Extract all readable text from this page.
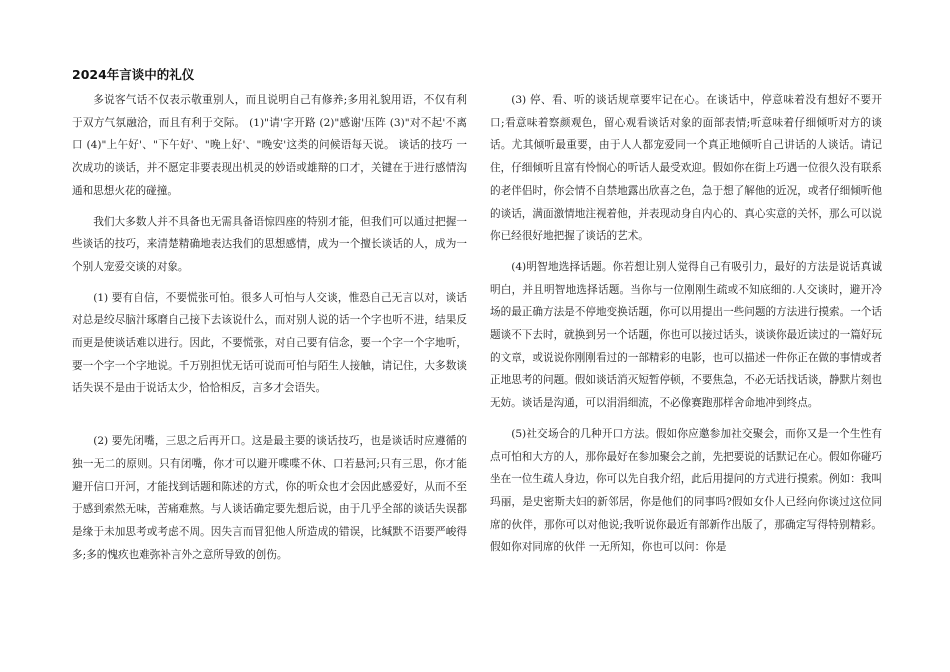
2024年言谈中的礼仪

多说客气话不仅表示敬重别人，而且说明自己有修养;多用礼貌用语，不仅有利于双方气氛融洽，而且有利于交际。 (1)"请'字开路 (2)"感谢'压阵 (3)"对不起'不离口 (4)"上午好'、"下午好'、"晚上好'、"晚安'这类的问候语每天说。 谈话的技巧 一次成功的谈话，并不愿定非要表现出机灵的妙语或雄辩的口才，关键在于进行感情沟通和思想火花的碰撞。

我们大多数人并不具备也无需具备语惊四座的特别才能，但我们可以通过把握一些谈话的技巧，来清楚精确地表达我们的思想感情，成为一个擅长谈话的人，成为一个别人宠爱交谈的对象。

(1) 要有自信，不要慌张可怕。很多人可怕与人交谈，惟恐自己无言以对，谈话对总是绞尽脑汁琢磨自己接下去该说什么，而对别人说的话一个字也听不进，结果反而更是使谈话难以进行。因此，不要慌张，对自己要有信念，要一个字一个字地听，要一个字一个字地说。千万别担忧无话可说而可怕与陌生人接触，请记住，大多数谈话失误不是由于说话太少，恰恰相反，言多才会语失。

(2) 要先闭嘴，三思之后再开口。这是最主要的谈话技巧，也是谈话时应遵循的独一无二的原则。只有闭嘴，你才可以避开喋喋不休、口若悬河;只有三思，你才能避开信口开河，才能找到话题和陈述的方式，你的听众也才会因此感爱好，从而不至于感到索然无味，苦痛难熬。与人谈话确定要先想后说，由于几乎全部的谈话失误都是缘于未加思考或考虑不周。因失言而冒犯他人所造成的错误，比缄默不语要严峻得多;多的愧疚也难弥补言外之意所导致的创伤。

(3) 停、看、听的谈话规章要牢记在心。在谈话中，停意味着没有想好不要开口;看意味着察颜观色，留心观看谈话对象的面部表情;听意味着仔细倾听对方的谈话。尤其倾听最重要，由于人人都宠爱同一个真正地倾听自己讲话的人谈话。请记住，仔细倾听且富有怜悯心的听话人最受欢迎。假如你在街上巧遇一位很久没有联系的老伴侣时，你会情不自禁地露出欣喜之色，急于想了解他的近况，或者仔细倾听他的谈话，满面激情地注视着他，并表现动身自内心的、真心实意的关怀，那么可以说你已经很好地把握了谈话的艺术。

(4)明智地选择话题。你若想让别人觉得自己有吸引力，最好的方法是说话真诚明白，并且明智地选择话题。当你与一位刚刚生疏或不知底细的.人交谈时，避开冷场的最正确方法是不停地变换话题，你可以用提出一些问题的方法进行摸索。一个话题谈不下去时，就换到另一个话题，你也可以接过话头，谈谈你最近读过的一篇好玩的文章，或说说你刚刚看过的一部精彩的电影，也可以描述一件你正在做的事情或者正地思考的问题。假如谈话消灭短暂停顿，不要焦急，不必无话找话谈，静默片刻也无妨。谈话是沟通，可以涓涓细流，不必像赛跑那样舍命地冲到终点。

(5)社交场合的几种开口方法。假如你应邀参加社交聚会，而你又是一个生性有点可怕和大方的人，那你最好在参加聚会之前，先把要说的话默记在心。假如你碰巧坐在一位生疏人身边，你可以先自我介绍，此后用提问的方式进行摸索。例如：我叫玛丽，是史密斯夫妇的新邻居，你是他们的同事吗?假如女仆人已经向你谈过这位同席的伙伴，那你可以对他说;我听说你最近有部新作出版了，那确定写得特别精彩。假如你对同席的伙伴 一无所知，你也可以问：你是
